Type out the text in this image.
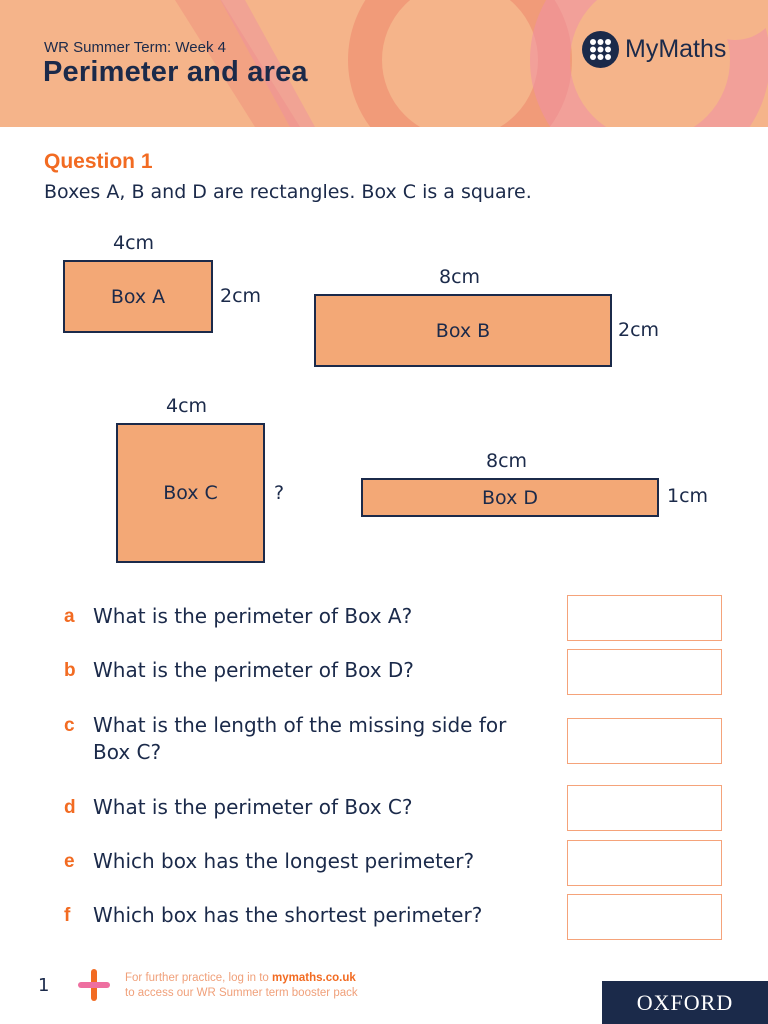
WR Summer Term: Week 4
Perimeter and area
MyMaths
Question 1
Boxes A, B and D are rectangles. Box C is a square.
4cm
Box A	2cm
8cm
Box B	2cm
4cm
Box C	?
8cm
Box D	1cm
a What is the perimeter of Box A?
b What is the perimeter of Box D?
c What is the length of the missing side for Box C?
d What is the perimeter of Box C?
e Which box has the longest perimeter?
f Which box has the shortest perimeter?
1	For further practice, log in to mymaths.co.uk
to access our WR Summer term booster pack	OXFORD
